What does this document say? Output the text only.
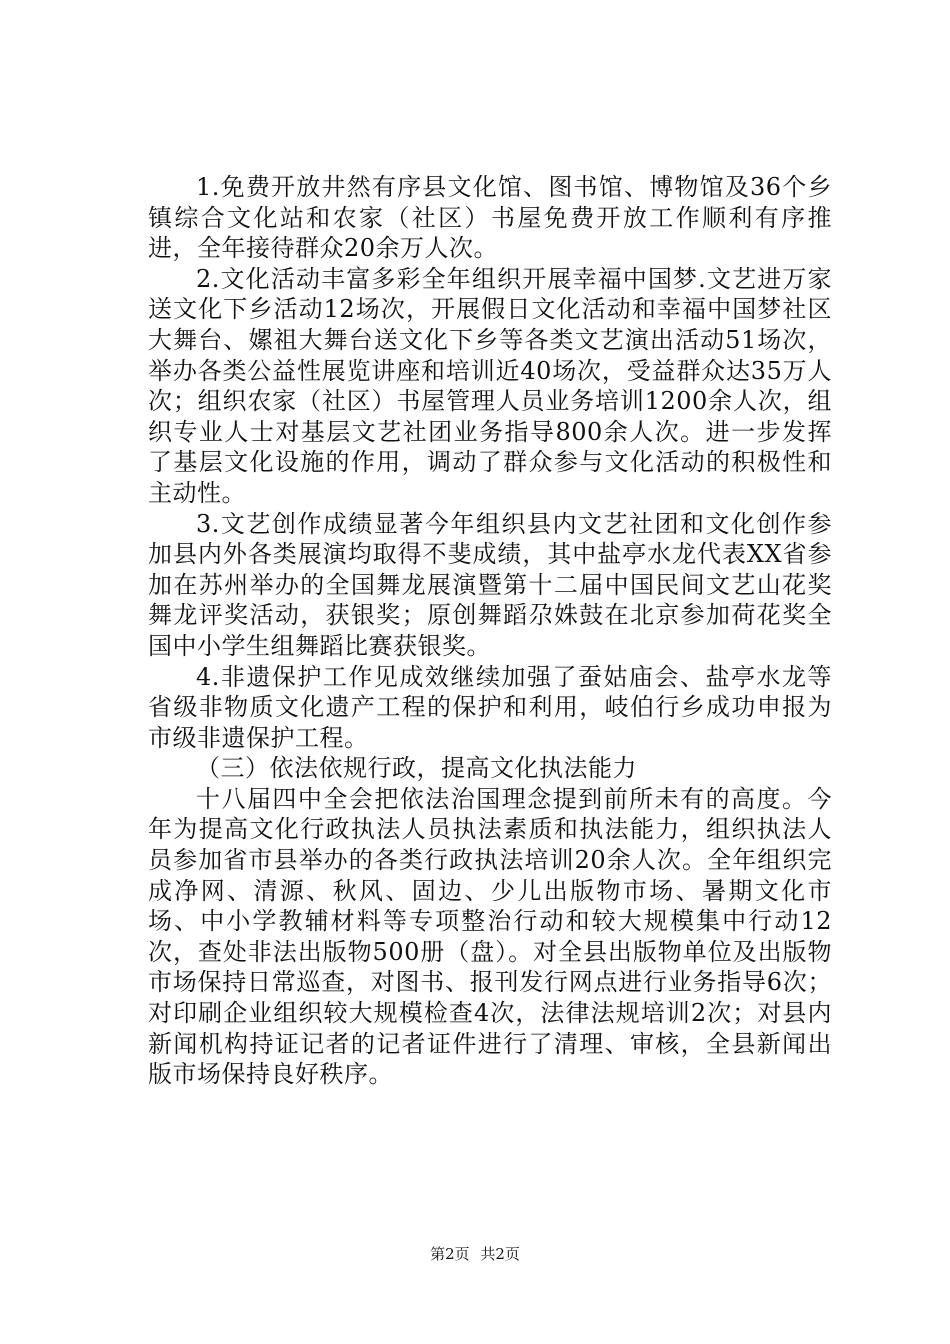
1.免费开放井然有序县文化馆、图书馆、博物馆及36个乡镇综合文化站和农家（社区）书屋免费开放工作顺利有序推进，全年接待群众20余万人次。

2.文化活动丰富多彩全年组织开展幸福中国梦.文艺进万家送文化下乡活动12场次，开展假日文化活动和幸福中国梦社区大舞台、嫘祖大舞台送文化下乡等各类文艺演出活动51场次，举办各类公益性展览讲座和培训近40场次，受益群众达35万人次；组织农家（社区）书屋管理人员业务培训1200余人次，组织专业人士对基层文艺社团业务指导800余人次。进一步发挥了基层文化设施的作用，调动了群众参与文化活动的积极性和主动性。

3.文艺创作成绩显著今年组织县内文艺社团和文化创作参加县内外各类展演均取得不斐成绩，其中盐亭水龙代表XX省参加在苏州举办的全国舞龙展演暨第十二届中国民间文艺山花奖舞龙评奖活动，获银奖；原创舞蹈尕姝鼓在北京参加荷花奖全国中小学生组舞蹈比赛获银奖。

4.非遗保护工作见成效继续加强了蚕姑庙会、盐亭水龙等省级非物质文化遗产工程的保护和利用，岐伯行乡成功申报为市级非遗保护工程。

（三）依法依规行政，提高文化执法能力

十八届四中全会把依法治国理念提到前所未有的高度。今年为提高文化行政执法人员执法素质和执法能力，组织执法人员参加省市县举办的各类行政执法培训20余人次。全年组织完成净网、清源、秋风、固边、少儿出版物市场、暑期文化市场、中小学教辅材料等专项整治行动和较大规模集中行动12次，查处非法出版物500册（盘）。对全县出版物单位及出版物市场保持日常巡查，对图书、报刊发行网点进行业务指导6次；对印刷企业组织较大规模检查4次，法律法规培训2次；对县内新闻机构持证记者的记者证件进行了清理、审核，全县新闻出版市场保持良好秩序。

第2页 共2页
